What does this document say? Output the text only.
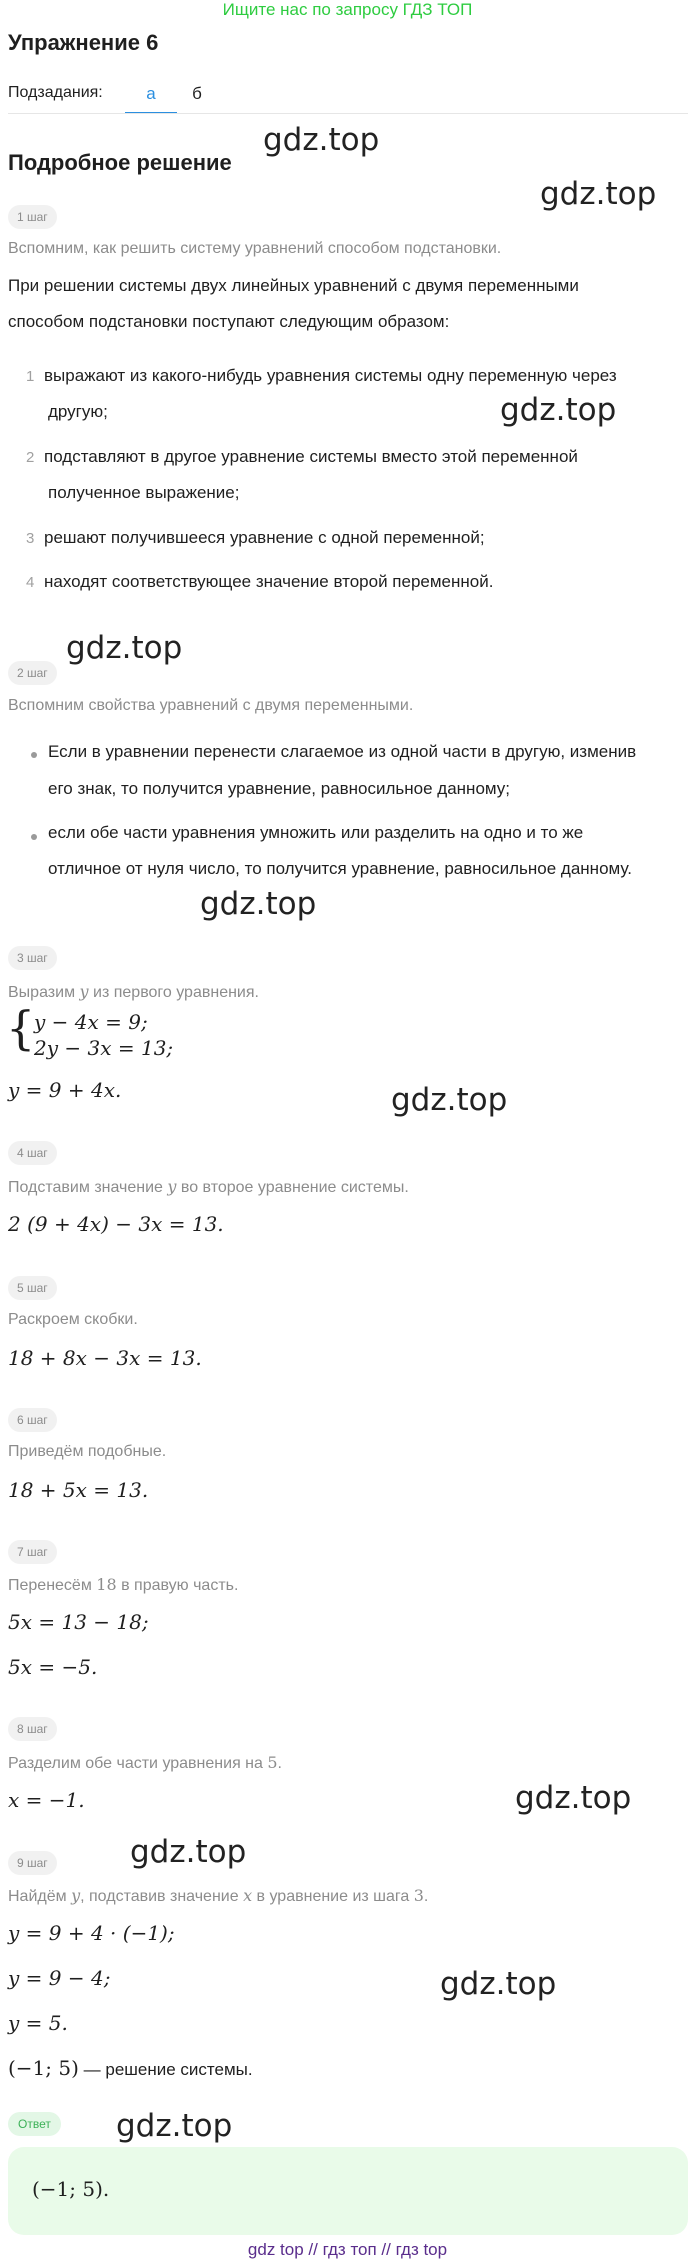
Ищите нас по запросу ГДЗ ТОП
Упражнение 6
Подзадания:	а	б
Подробное решение
gdz.top
gdz.top
gdz.top
gdz.top
gdz.top
gdz.top
gdz.top
gdz.top
gdz.top
gdz.top
1 шаг
Вспомним, как решить систему уравнений способом подстановки.
При решении системы двух линейных уравнений с двумя переменными
способом подстановки поступают следующим образом:
1 выражают из какого-нибудь уравнения системы одну переменную через
другую;
2 подставляют в другое уравнение системы вместо этой переменной
полученное выражение;
3 решают получившееся уравнение с одной переменной;
4 находят соответствующее значение второй переменной.
2 шаг
Вспомним свойства уравнений с двумя переменными.
Если в уравнении перенести слагаемое из одной части в другую, изменив
его знак, то получится уравнение, равносильное данному;
если обе части уравнения умножить или разделить на одно и то же
отличное от нуля число, то получится уравнение, равносильное данному.
3 шаг
Выразим y из первого уравнения.
{
y − 4x = 9;
2y − 3x = 13;
y = 9 + 4x.
4 шаг
Подставим значение y во второе уравнение системы.
2 (9 + 4x) − 3x = 13.
5 шаг
Раскроем скобки.
18 + 8x − 3x = 13.
6 шаг
Приведём подобные.
18 + 5x = 13.
7 шаг
Перенесём 18 в правую часть.
5x = 13 − 18;
5x = −5.
8 шаг
Разделим обе части уравнения на 5.
x = −1.
9 шаг
Найдём y, подставив значение x в уравнение из шага 3.
y = 9 + 4 · (−1);
y = 9 − 4;
y = 5.
(−1; 5) — решение системы.
Ответ
(−1; 5).
gdz top // гдз топ // гдз top
